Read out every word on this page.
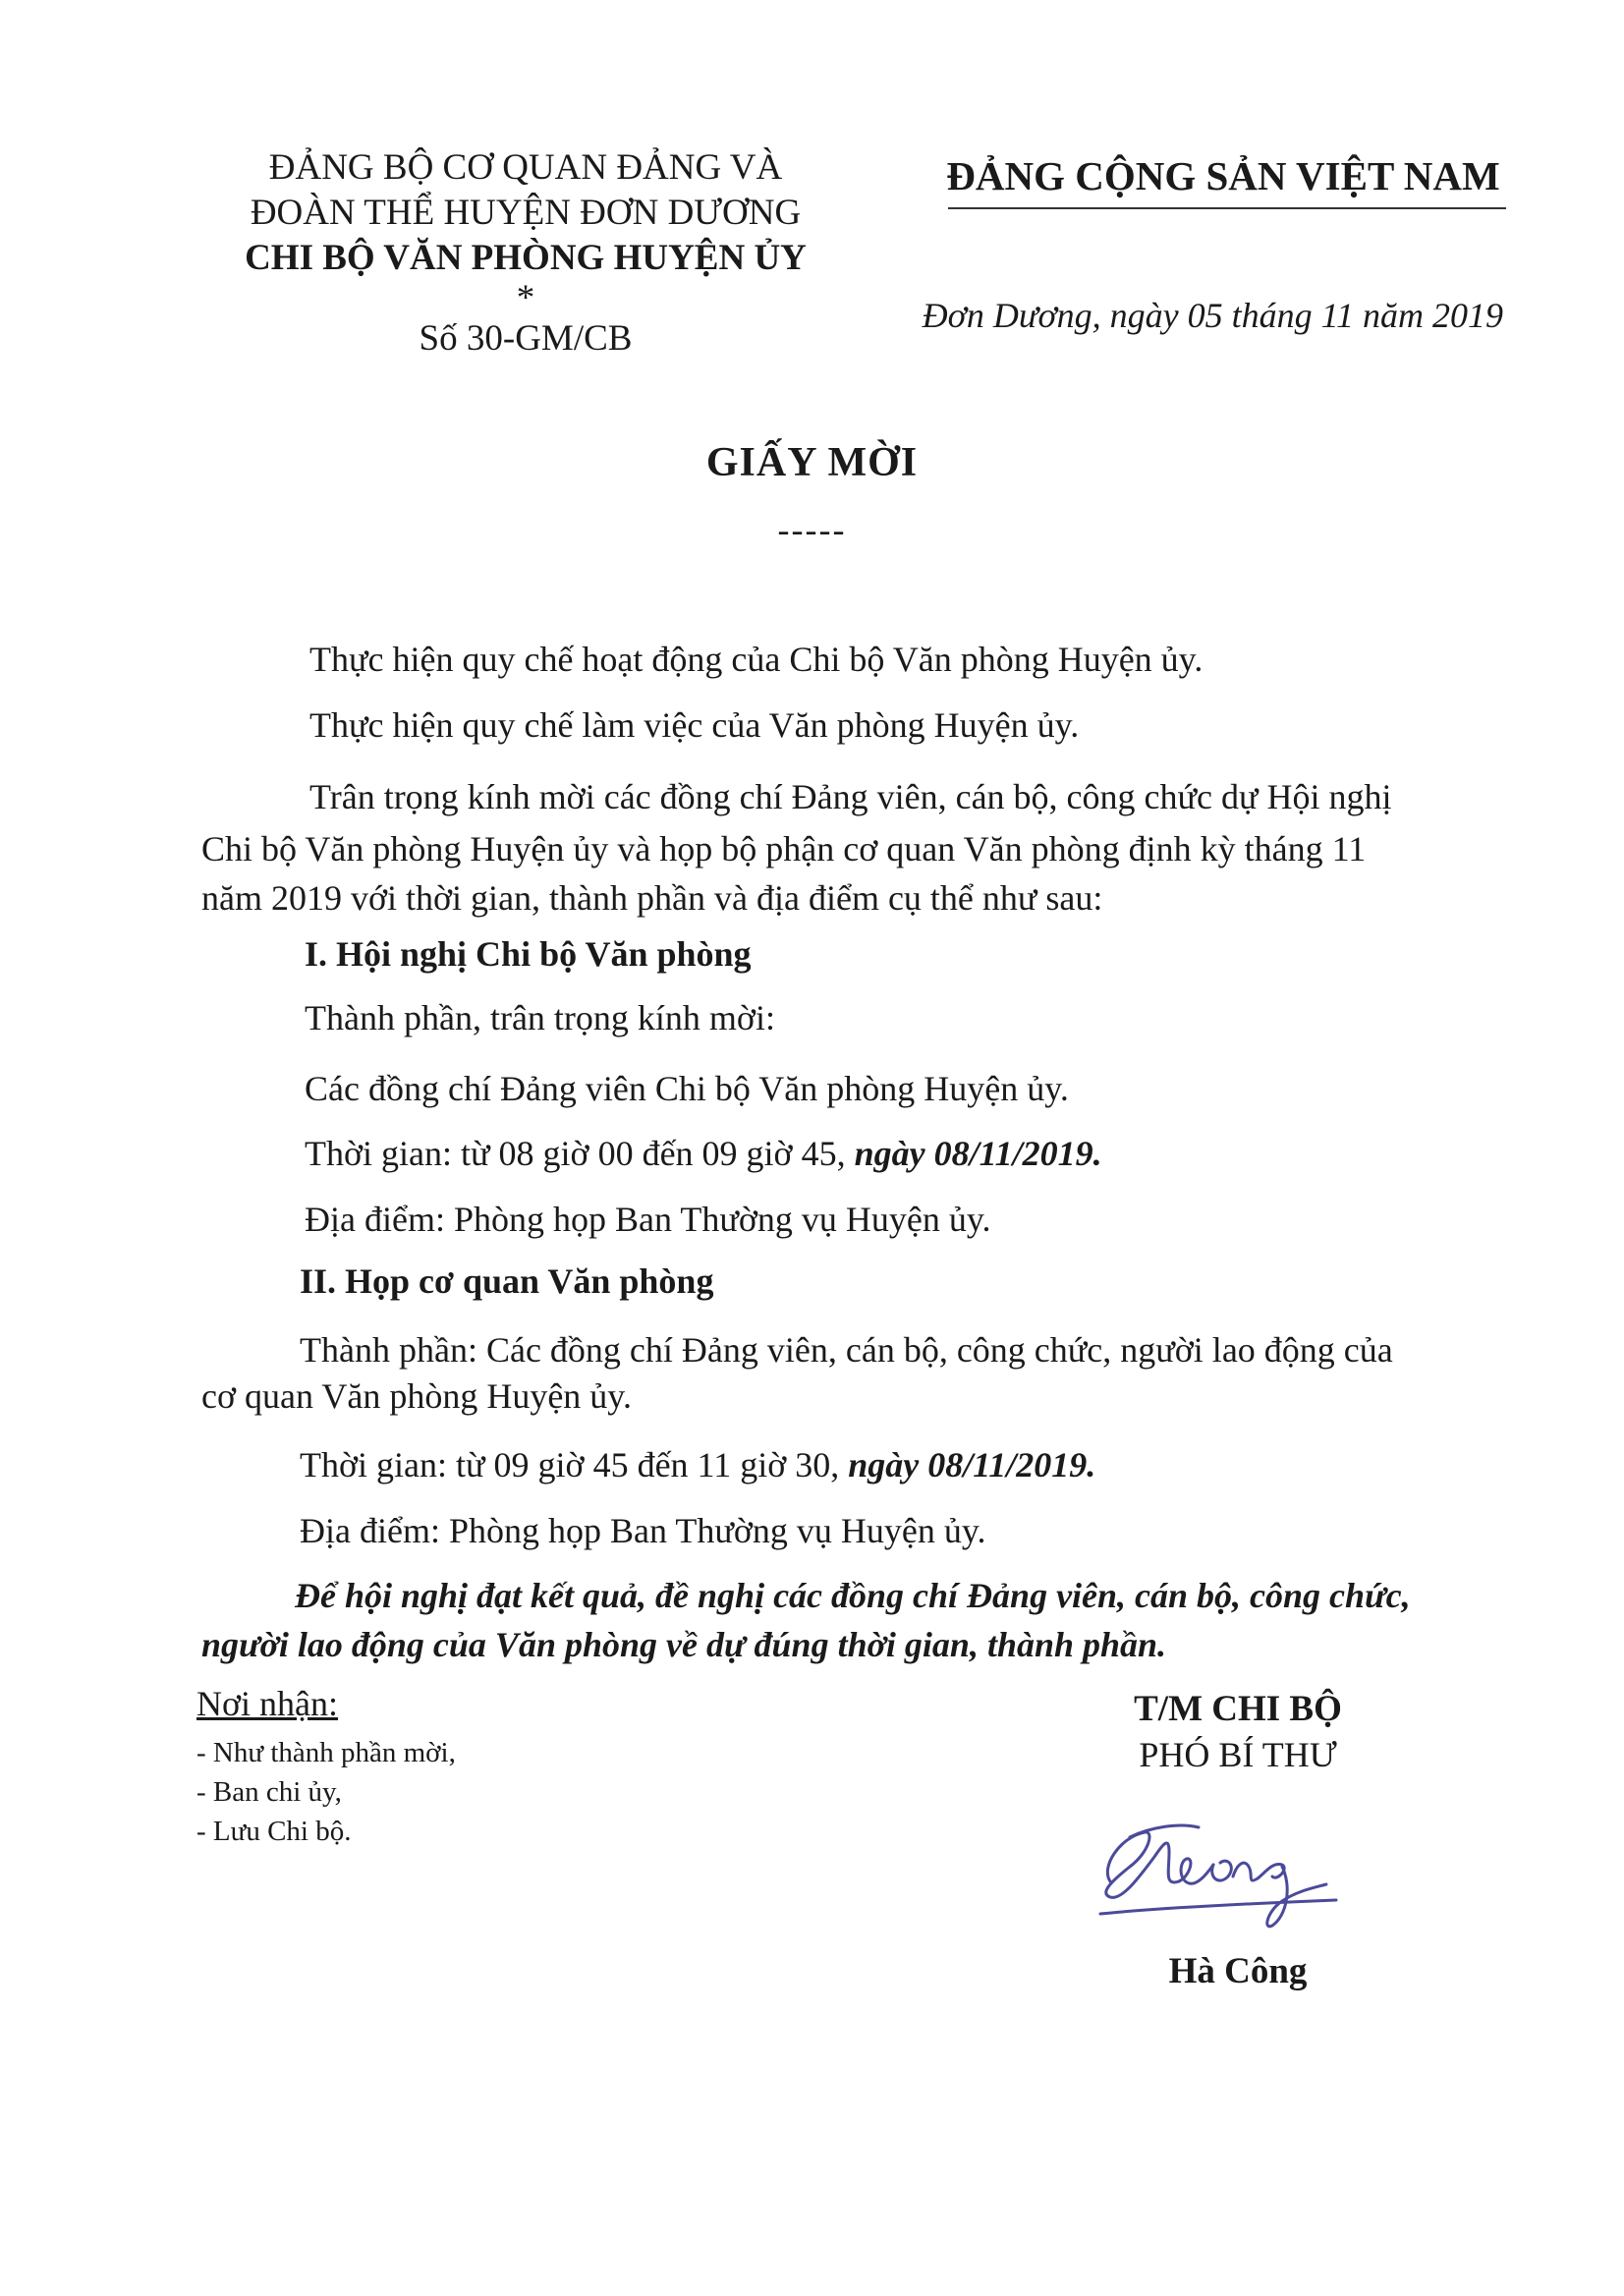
ĐẢNG BỘ CƠ QUAN ĐẢNG VÀ
ĐOÀN THỂ HUYỆN ĐƠN DƯƠNG
CHI BỘ VĂN PHÒNG HUYỆN ỦY
*
Số 30-GM/CB
ĐẢNG CỘNG SẢN VIỆT NAM
Đơn Dương, ngày 05 tháng 11 năm 2019
GIẤY MỜI
-----
Thực hiện quy chế hoạt động của Chi bộ Văn phòng Huyện ủy.
Thực hiện quy chế làm việc của Văn phòng Huyện ủy.
Trân trọng kính mời các đồng chí Đảng viên, cán bộ, công chức dự Hội nghị
Chi bộ Văn phòng Huyện ủy và họp bộ phận cơ quan Văn phòng định kỳ tháng 11
năm 2019 với thời gian, thành phần và địa điểm cụ thể như sau:
I. Hội nghị Chi bộ Văn phòng
Thành phần, trân trọng kính mời:
Các đồng chí Đảng viên Chi bộ Văn phòng Huyện ủy.
Thời gian: từ 08 giờ 00 đến 09 giờ 45, ngày 08/11/2019.
Địa điểm: Phòng họp Ban Thường vụ Huyện ủy.
II. Họp cơ quan Văn phòng
Thành phần: Các đồng chí Đảng viên, cán bộ, công chức, người lao động của
cơ quan Văn phòng Huyện ủy.
Thời gian: từ 09 giờ 45 đến 11 giờ 30, ngày 08/11/2019.
Địa điểm: Phòng họp Ban Thường vụ Huyện ủy.
Để hội nghị đạt kết quả, đề nghị các đồng chí Đảng viên, cán bộ, công chức,
người lao động của Văn phòng về dự đúng thời gian, thành phần.
Nơi nhận:
- Như thành phần mời,
- Ban chi ủy,
- Lưu Chi bộ.
T/M CHI BỘ
PHÓ BÍ THƯ
Hà Công
